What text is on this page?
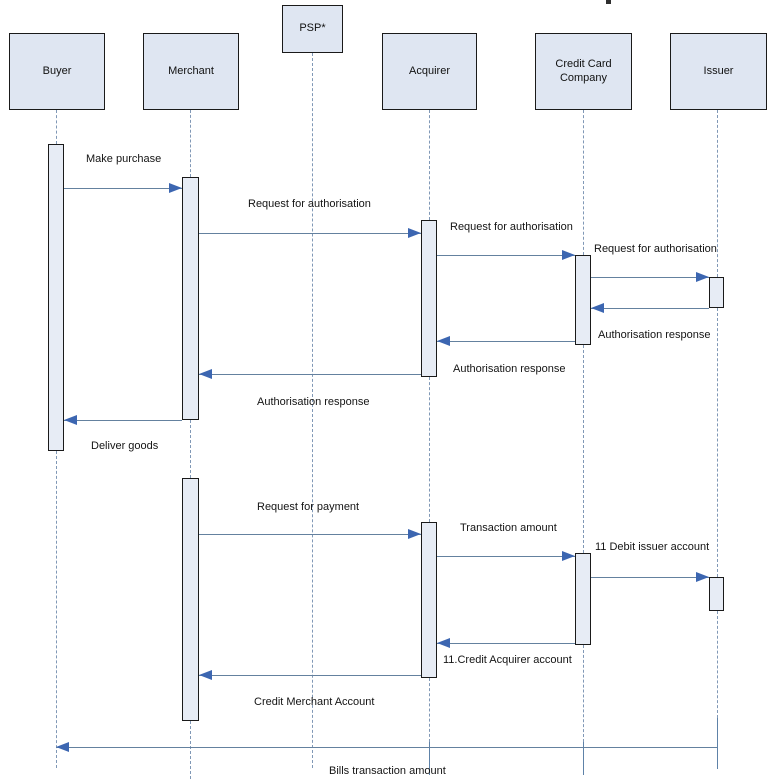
Buyer	Merchant
PSP*
Acquirer
Credit Card Company
Issuer
Make purchase
Request for authorisation
Request for authorisation
Request for authorisation
Authorisation response
Authorisation response
Authorisation response
Deliver goods
Request for payment
Transaction amount
11 Debit issuer account
11.Credit Acquirer account
Credit Merchant Account
Bills transaction amount
